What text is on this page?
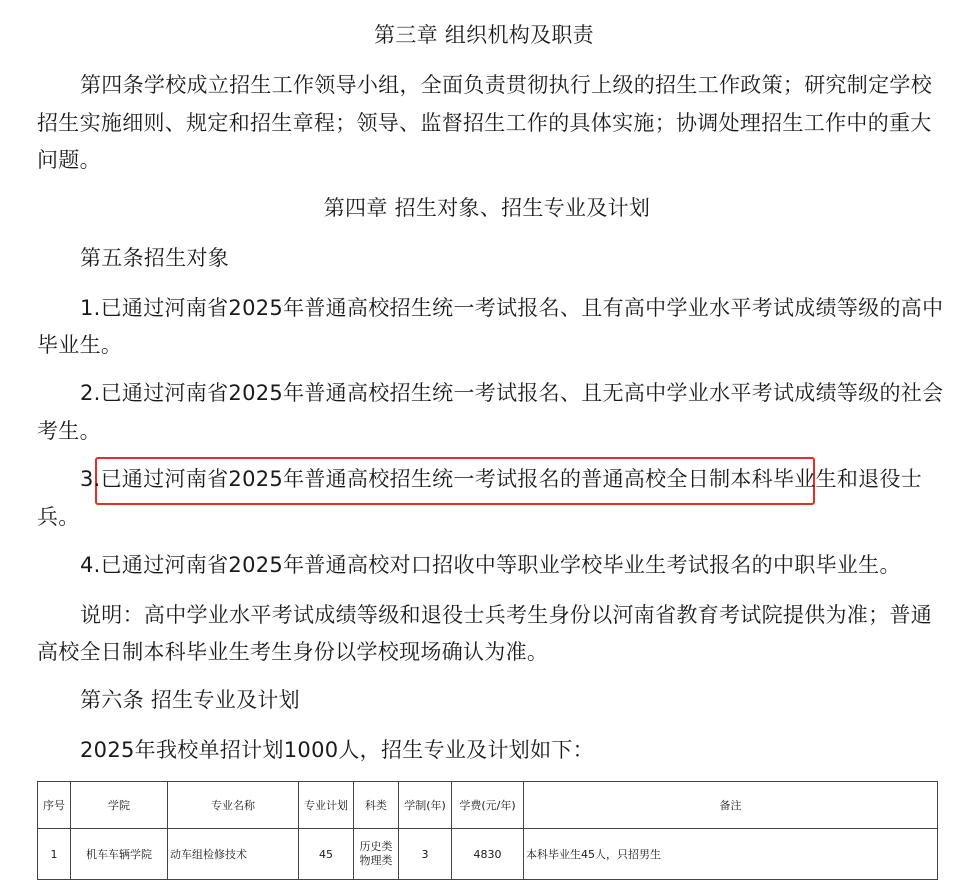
第三章 组织机构及职责
第四条学校成立招生工作领导小组，全面负责贯彻执行上级的招生工作政策；研究制定学校
招生实施细则、规定和招生章程；领导、监督招生工作的具体实施；协调处理招生工作中的重大
问题。
第四章 招生对象、招生专业及计划
第五条招生对象
1.已通过河南省2025年普通高校招生统一考试报名、且有高中学业水平考试成绩等级的高中
毕业生。
2.已通过河南省2025年普通高校招生统一考试报名、且无高中学业水平考试成绩等级的社会
考生。
3.已通过河南省2025年普通高校招生统一考试报名的普通高校全日制本科毕业生和退役士
兵。
4.已通过河南省2025年普通高校对口招收中等职业学校毕业生考试报名的中职毕业生。
说明：高中学业水平考试成绩等级和退役士兵考生身份以河南省教育考试院提供为准；普通
高校全日制本科毕业生考生身份以学校现场确认为准。
第六条 招生专业及计划
2025年我校单招计划1000人，招生专业及计划如下：
序号	学院	专业名称	专业计划	科类	学制(年)	学费(元/年)	备注
1	机车车辆学院	动车组检修技术	45	历史类
物理类	3	4830	本科毕业生45人，只招男生
